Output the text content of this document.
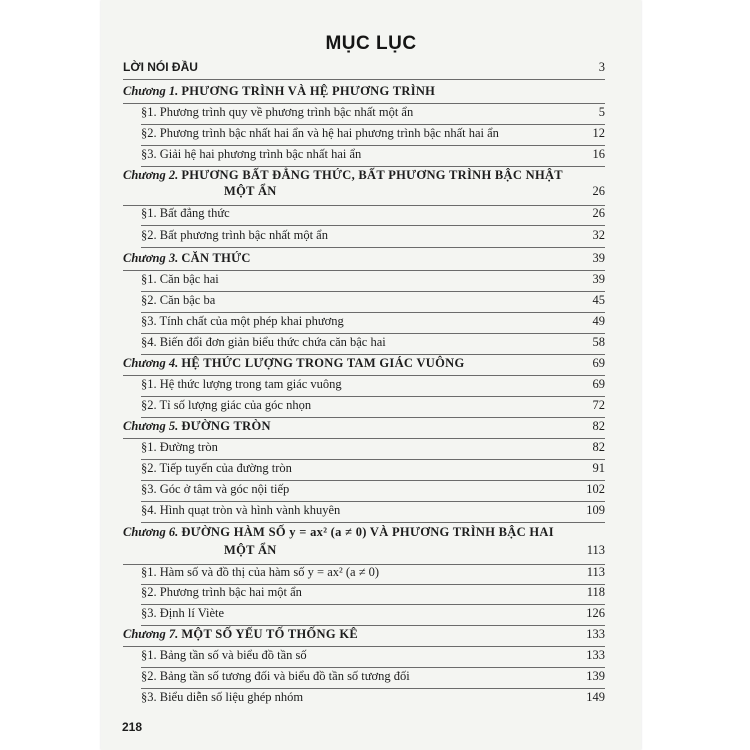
MỤC LỤC
LỜI NÓI ĐẦU	3
Chương 1. PHƯƠNG TRÌNH VÀ HỆ PHƯƠNG TRÌNH
§1. Phương trình quy về phương trình bậc nhất một ẩn	5
§2. Phương trình bậc nhất hai ẩn và hệ hai phương trình bậc nhất hai ẩn	12
§3. Giải hệ hai phương trình bậc nhất hai ẩn	16
Chương 2. PHƯƠNG BẤT ĐẲNG THỨC, BẤT PHƯƠNG TRÌNH BẬC NHẬT
MỘT ẨN	26
§1. Bất đẳng thức	26
§2. Bất phương trình bậc nhất một ẩn	32
Chương 3. CĂN THỨC	39
§1. Căn bậc hai	39
§2. Căn bậc ba	45
§3. Tính chất của một phép khai phương	49
§4. Biến đổi đơn giản biểu thức chứa căn bậc hai	58
Chương 4. HỆ THỨC LƯỢNG TRONG TAM GIÁC VUÔNG	69
§1. Hệ thức lượng trong tam giác vuông	69
§2. Tỉ số lượng giác của góc nhọn	72
Chương 5. ĐƯỜNG TRÒN	82
§1. Đường tròn	82
§2. Tiếp tuyến của đường tròn	91
§3. Góc ở tâm và góc nội tiếp	102
§4. Hình quạt tròn và hình vành khuyên	109
Chương 6. ĐƯỜNG HÀM SỐ y = ax² (a ≠ 0) VÀ PHƯƠNG TRÌNH BẬC HAI
MỘT ẨN	113
§1. Hàm số và đồ thị của hàm số y = ax² (a ≠ 0)	113
§2. Phương trình bậc hai một ẩn	118
§3. Định lí Viète	126
Chương 7. MỘT SỐ YẾU TỐ THỐNG KÊ	133
§1. Bảng tần số và biểu đồ tần số	133
§2. Bảng tần số tương đối và biểu đồ tần số tương đối	139
§3. Biểu diễn số liệu ghép nhóm	149
218
